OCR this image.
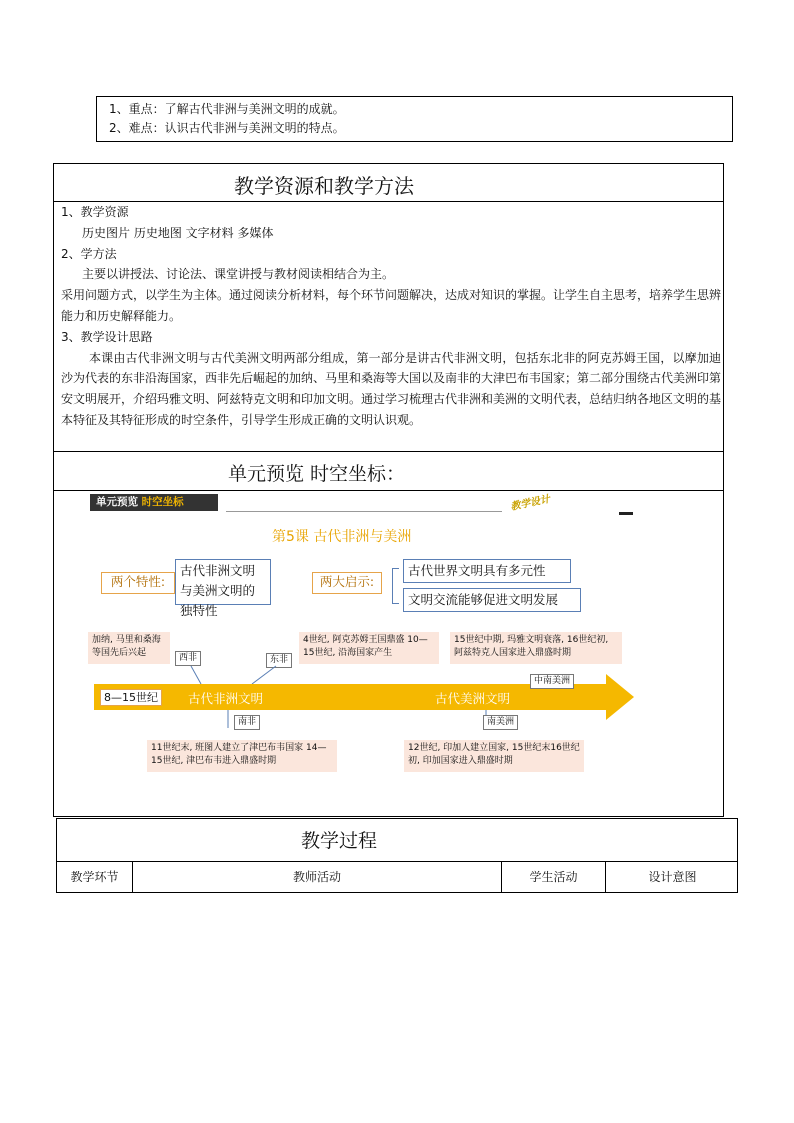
1、重点：了解古代非洲与美洲文明的成就。
2、难点：认识古代非洲与美洲文明的特点。
教学资源和教学方法

1、教学资源

历史图片 历史地图 文字材料 多媒体

2、学方法

主要以讲授法、讨论法、课堂讲授与教材阅读相结合为主。

采用问题方式，以学生为主体。通过阅读分析材料，每个环节问题解决，达成对知识的掌握。让学生自主思考，培养学生思辨能力和历史解释能力。

3、教学设计思路

本课由古代非洲文明与古代美洲文明两部分组成，第一部分是讲古代非洲文明，包括东北非的阿克苏姆王国，以摩加迪沙为代表的东非沿海国家，西非先后崛起的加纳、马里和桑海等大国以及南非的大津巴布韦国家；第二部分围绕古代美洲印第安文明展开，介绍玛雅文明、阿兹特克文明和印加文明。通过学习梳理古代非洲和美洲的文明代表，总结归纳各地区文明的基本特征及其特征形成的时空条件，引导学生形成正确的文明认识观。

单元预览 时空坐标：
单元预览 时空坐标	教学设计
第5课 古代非洲与美洲
两个特性:
古代非洲文明与美洲文明的独特性
两大启示:
古代世界文明具有多元性
文明交流能够促进文明发展
加纳, 马里和桑海等国先后兴起	西非	东非
4世纪, 阿克苏姆王国鼎盛 10—15世纪, 沿海国家产生
15世纪中期, 玛雅文明衰落, 16世纪初, 阿兹特克人国家进入鼎盛时期
中南美洲
8—15世纪	古代非洲文明	古代美洲文明
南非	南美洲
11世纪末, 班图人建立了津巴布韦国家 14—15世纪, 津巴布韦进入鼎盛时期
12世纪, 印加人建立国家, 15世纪末16世纪初, 印加国家进入鼎盛时期
教学过程
教学环节	教师活动	学生活动	设计意图
